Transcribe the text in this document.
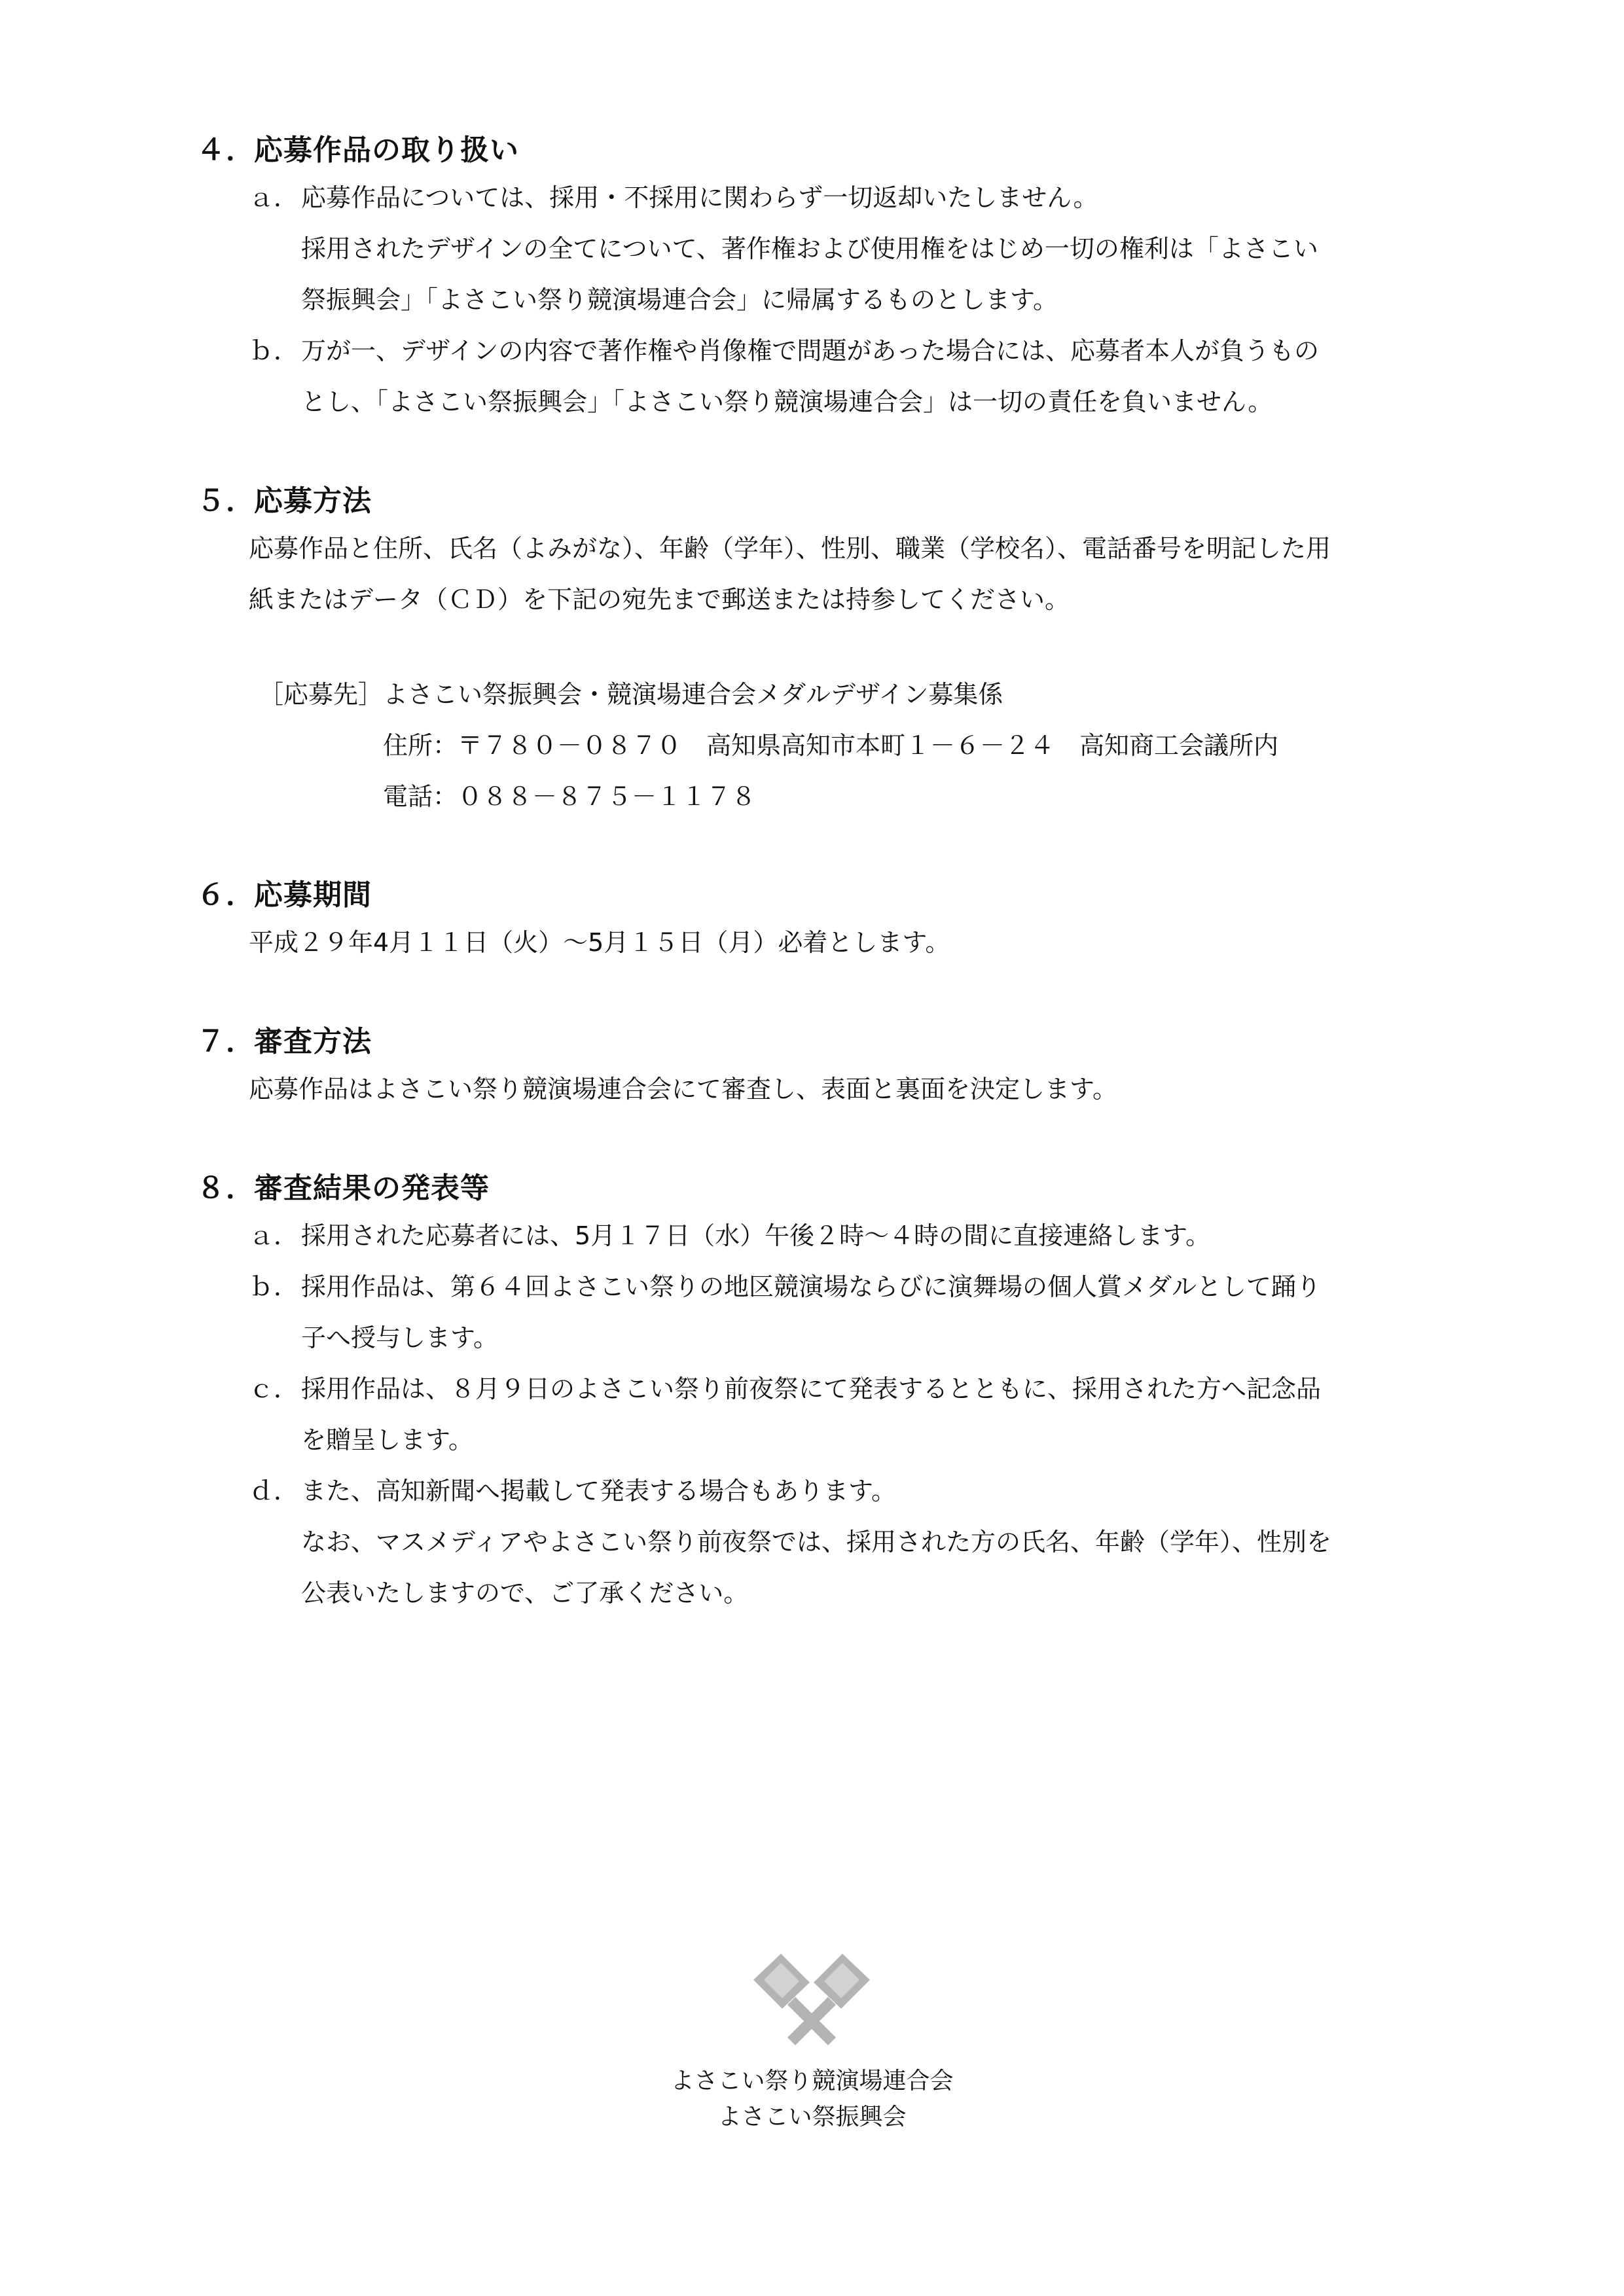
４．応募作品の取り扱い
ａ． 応募作品については、採用・不採用に関わらず一切返却いたしません。
採用されたデザインの全てについて、著作権および使用権をはじめ一切の権利は「よさこい
祭振興会」「よさこい祭り競演場連合会」に帰属するものとします。
ｂ． 万が一、デザインの内容で著作権や肖像権で問題があった場合には、応募者本人が負うもの
とし、「よさこい祭振興会」「よさこい祭り競演場連合会」は一切の責任を負いません。
５．応募方法
応募作品と住所、氏名（よみがな）、年齢（学年）、性別、職業（学校名）、電話番号を明記した用
紙またはデータ（ＣＤ）を下記の宛先まで郵送または持参してください。
［応募先］よさこい祭振興会・競演場連合会メダルデザイン募集係
住所：〒７８０－０８７０　高知県高知市本町１－６－２４　高知商工会議所内
電話：０８８－８７５－１１７８
６．応募期間
平成２９年4月１１日（火）～5月１５日（月）必着とします。
７．審査方法
応募作品はよさこい祭り競演場連合会にて審査し、表面と裏面を決定します。
８．審査結果の発表等
ａ． 採用された応募者には、5月１７日（水）午後２時～４時の間に直接連絡します。
ｂ． 採用作品は、第６４回よさこい祭りの地区競演場ならびに演舞場の個人賞メダルとして踊り
子へ授与します。
ｃ． 採用作品は、８月９日のよさこい祭り前夜祭にて発表するとともに、採用された方へ記念品
を贈呈します。
ｄ． また、高知新聞へ掲載して発表する場合もあります。
なお、マスメディアやよさこい祭り前夜祭では、採用された方の氏名、年齢（学年）、性別を
公表いたしますので、ご了承ください。
よさこい祭り競演場連合会
よさこい祭振興会
